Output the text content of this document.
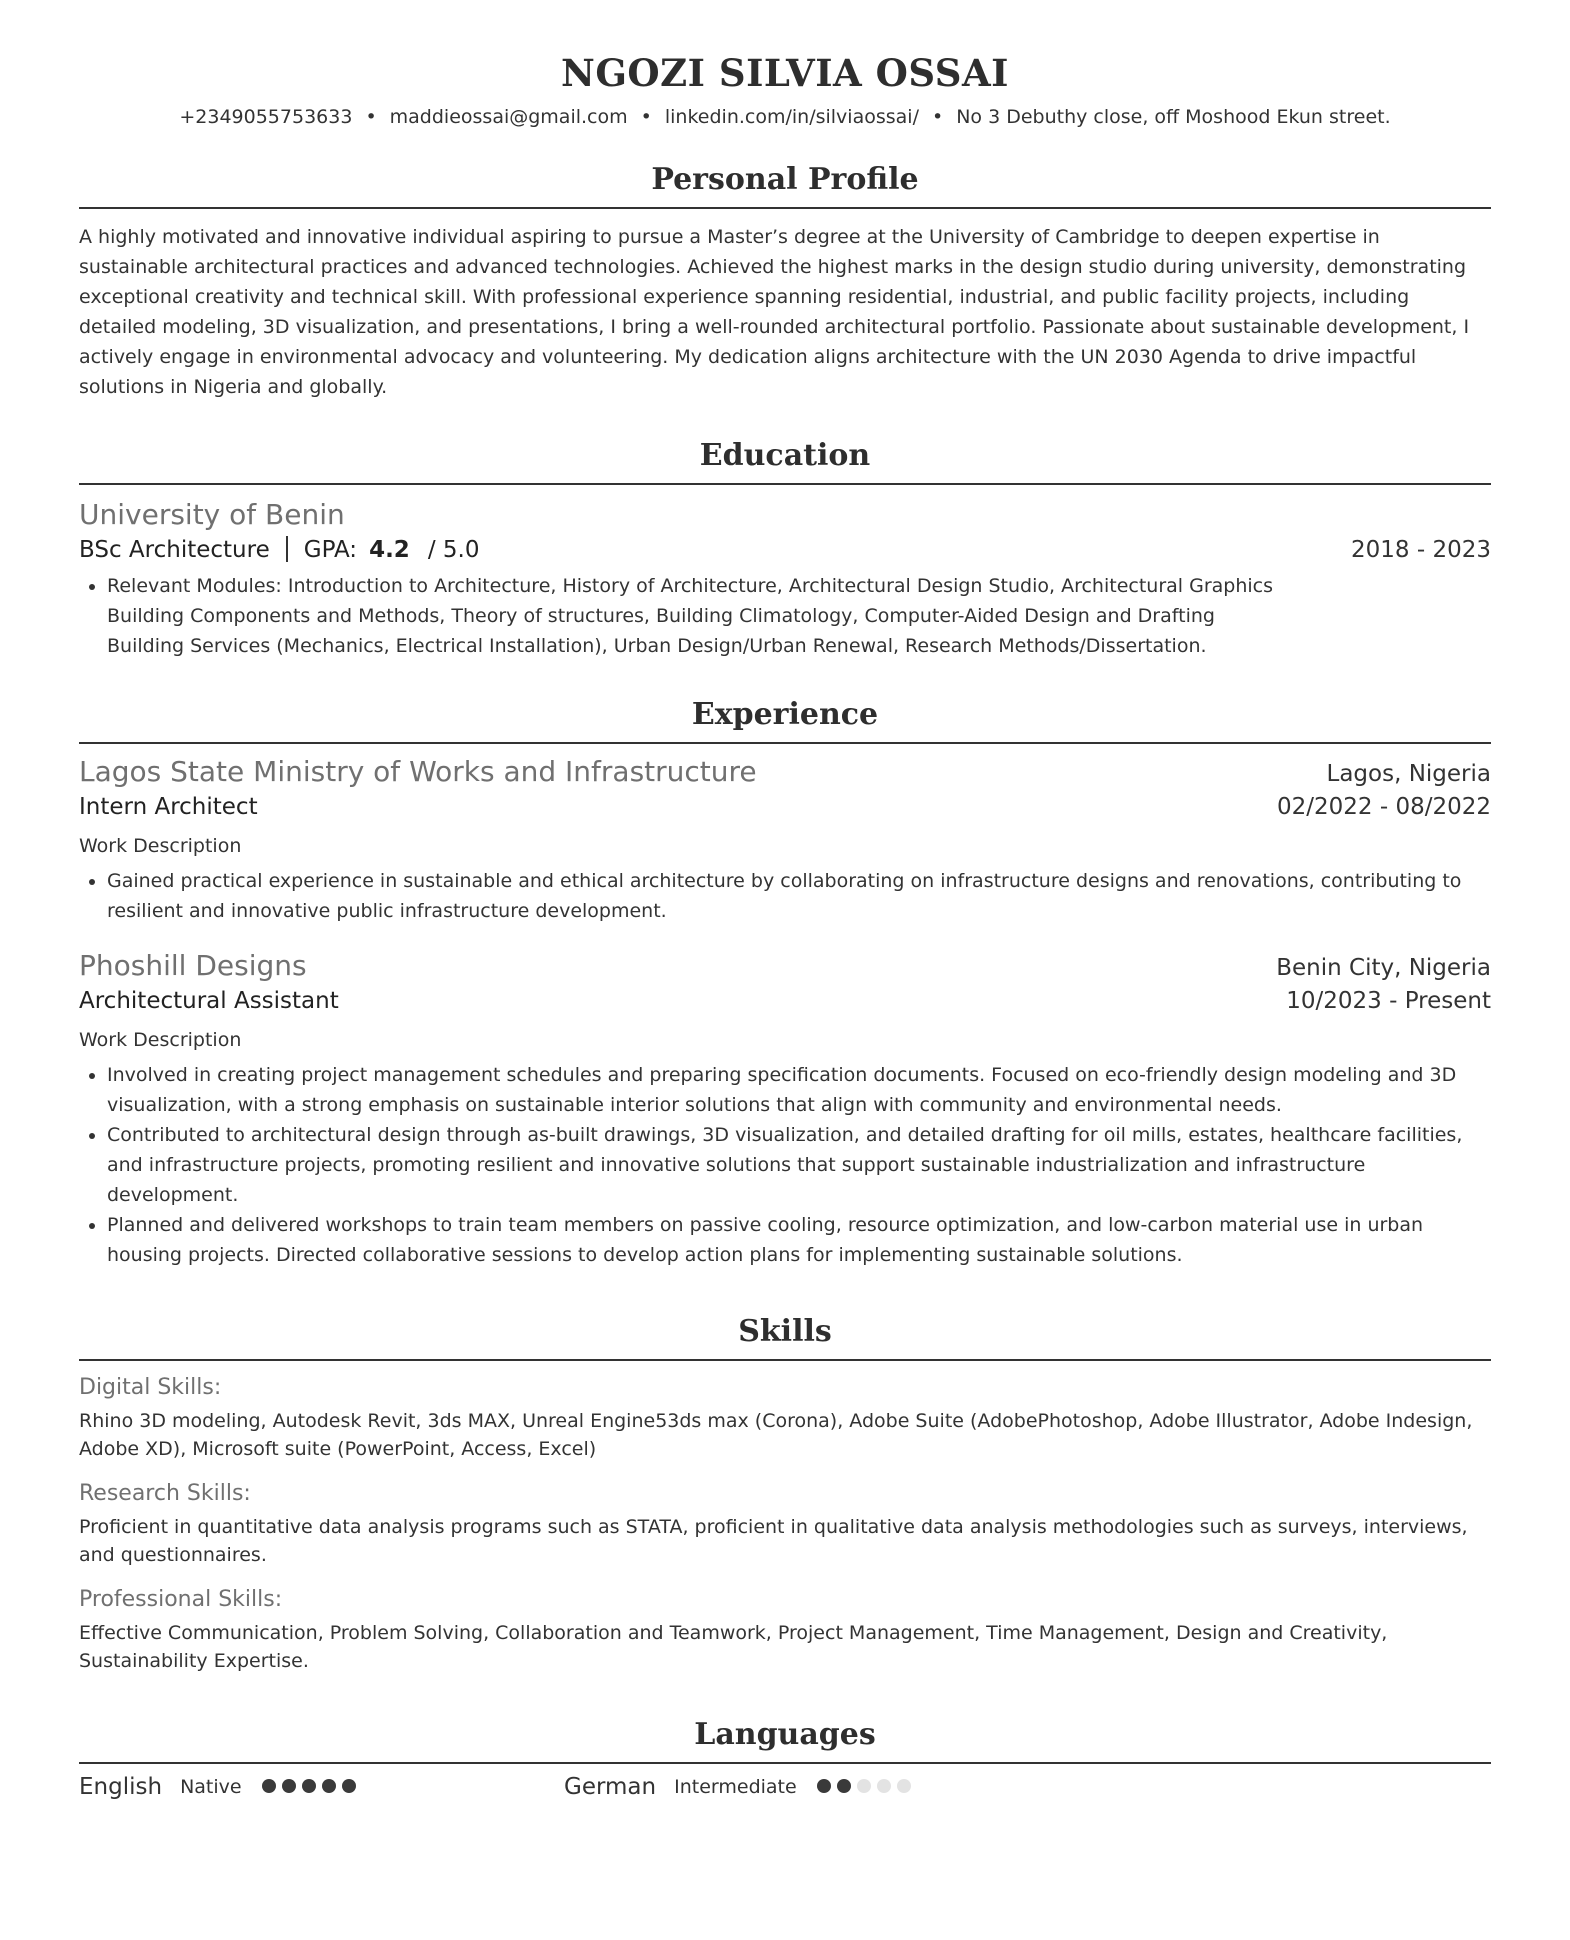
NGOZI SILVIA OSSAI
+2349055753633 • maddieossai@gmail.com • linkedin.com/in/silviaossai/ • No 3 Debuthy close, off Moshood Ekun street.
Personal Profile

A highly motivated and innovative individual aspiring to pursue a Master’s degree at the University of Cambridge to deepen expertise in sustainable architectural practices and advanced technologies. Achieved the highest marks in the design studio during university, demonstrating exceptional creativity and technical skill. With professional experience spanning residential, industrial, and public facility projects, including detailed modeling, 3D visualization, and presentations, I bring a well-rounded architectural portfolio. Passionate about sustainable development, I actively engage in environmental advocacy and volunteering. My dedication aligns architecture with the UN 2030 Agenda to drive impactful solutions in Nigeria and globally.

Education
University of Benin
BSc Architecture GPA: 4.2 / 5.0	2018 - 2023
• Relevant Modules: Introduction to Architecture, History of Architecture, Architectural Design Studio, Architectural Graphics
Building Components and Methods, Theory of structures, Building Climatology, Computer-Aided Design and Drafting
Building Services (Mechanics, Electrical Installation), Urban Design/Urban Renewal, Research Methods/Dissertation.
Experience
Lagos State Ministry of Works and Infrastructure	Lagos, Nigeria
Intern Architect	02/2022 - 08/2022
Work Description
• Gained practical experience in sustainable and ethical architecture by collaborating on infrastructure designs and renovations, contributing to resilient and innovative public infrastructure development.
Phoshill Designs	Benin City, Nigeria
Architectural Assistant	10/2023 - Present
Work Description
• Involved in creating project management schedules and preparing specification documents. Focused on eco-friendly design modeling and 3D visualization, with a strong emphasis on sustainable interior solutions that align with community and environmental needs.
• Contributed to architectural design through as-built drawings, 3D visualization, and detailed drafting for oil mills, estates, healthcare facilities, and infrastructure projects, promoting resilient and innovative solutions that support sustainable industrialization and infrastructure development.
• Planned and delivered workshops to train team members on passive cooling, resource optimization, and low-carbon material use in urban housing projects. Directed collaborative sessions to develop action plans for implementing sustainable solutions.
Skills
Digital Skills:
Rhino 3D modeling, Autodesk Revit, 3ds MAX, Unreal Engine53ds max (Corona), Adobe Suite (AdobePhotoshop, Adobe Illustrator, Adobe Indesign, Adobe XD), Microsoft suite (PowerPoint, Access, Excel)
Research Skills:
Proficient in quantitative data analysis programs such as STATA, proficient in qualitative data analysis methodologies such as surveys, interviews, and questionnaires.
Professional Skills:
Effective Communication, Problem Solving, Collaboration and Teamwork, Project Management, Time Management, Design and Creativity, Sustainability Expertise.
Languages
English Native	German Intermediate
